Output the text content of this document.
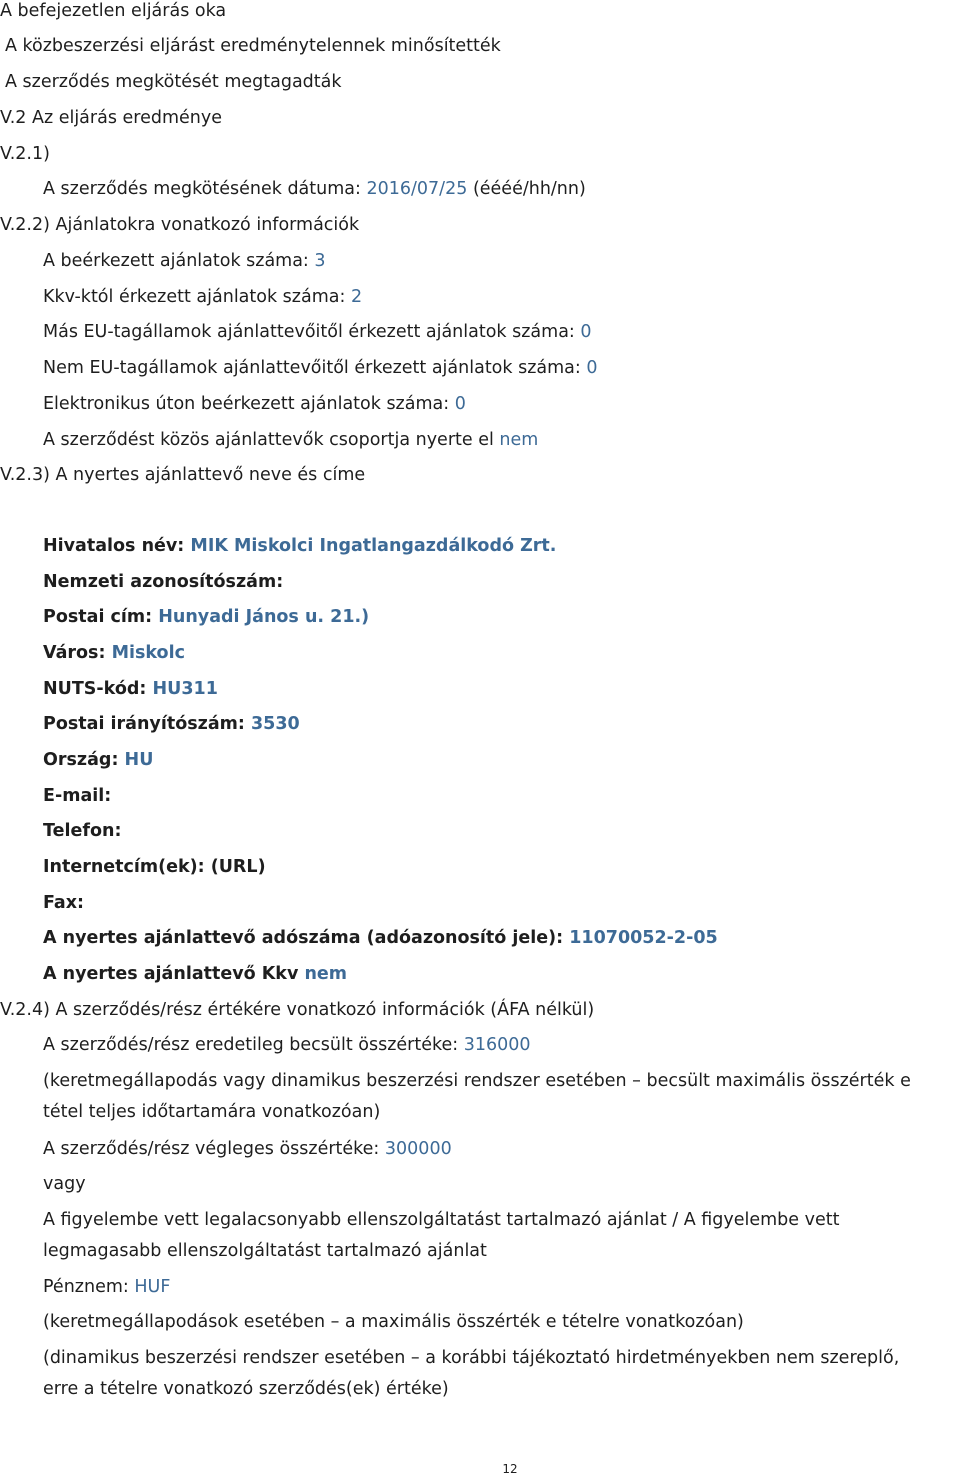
A befejezetlen eljárás oka
A közbeszerzési eljárást eredménytelennek minősítették
A szerződés megkötését megtagadták
V.2 Az eljárás eredménye
V.2.1)
A szerződés megkötésének dátuma: 2016/07/25 (éééé/hh/nn)
V.2.2) Ajánlatokra vonatkozó információk
A beérkezett ajánlatok száma: 3
Kkv-któl érkezett ajánlatok száma: 2
Más EU-tagállamok ajánlattevőitől érkezett ajánlatok száma: 0
Nem EU-tagállamok ajánlattevőitől érkezett ajánlatok száma: 0
Elektronikus úton beérkezett ajánlatok száma: 0
A szerződést közös ajánlattevők csoportja nyerte el nem
V.2.3) A nyertes ajánlattevő neve és címe
Hivatalos név: MIK Miskolci Ingatlangazdálkodó Zrt.
Nemzeti azonosítószám:
Postai cím: Hunyadi János u. 21.)
Város: Miskolc
NUTS-kód: HU311
Postai irányítószám: 3530
Ország: HU
E-mail:
Telefon:
Internetcím(ek): (URL)
Fax:
A nyertes ajánlattevő adószáma (adóazonosító jele): 11070052-2-05
A nyertes ajánlattevő Kkv nem
V.2.4) A szerződés/rész értékére vonatkozó információk (ÁFA nélkül)
A szerződés/rész eredetileg becsült összértéke: 316000
(keretmegállapodás vagy dinamikus beszerzési rendszer esetében – becsült maximális összérték e
tétel teljes időtartamára vonatkozóan)
A szerződés/rész végleges összértéke: 300000
vagy
A figyelembe vett legalacsonyabb ellenszolgáltatást tartalmazó ajánlat / A figyelembe vett
legmagasabb ellenszolgáltatást tartalmazó ajánlat
Pénznem: HUF
(keretmegállapodások esetében – a maximális összérték e tételre vonatkozóan)
(dinamikus beszerzési rendszer esetében – a korábbi tájékoztató hirdetményekben nem szereplő,
erre a tételre vonatkozó szerződés(ek) értéke)
12
